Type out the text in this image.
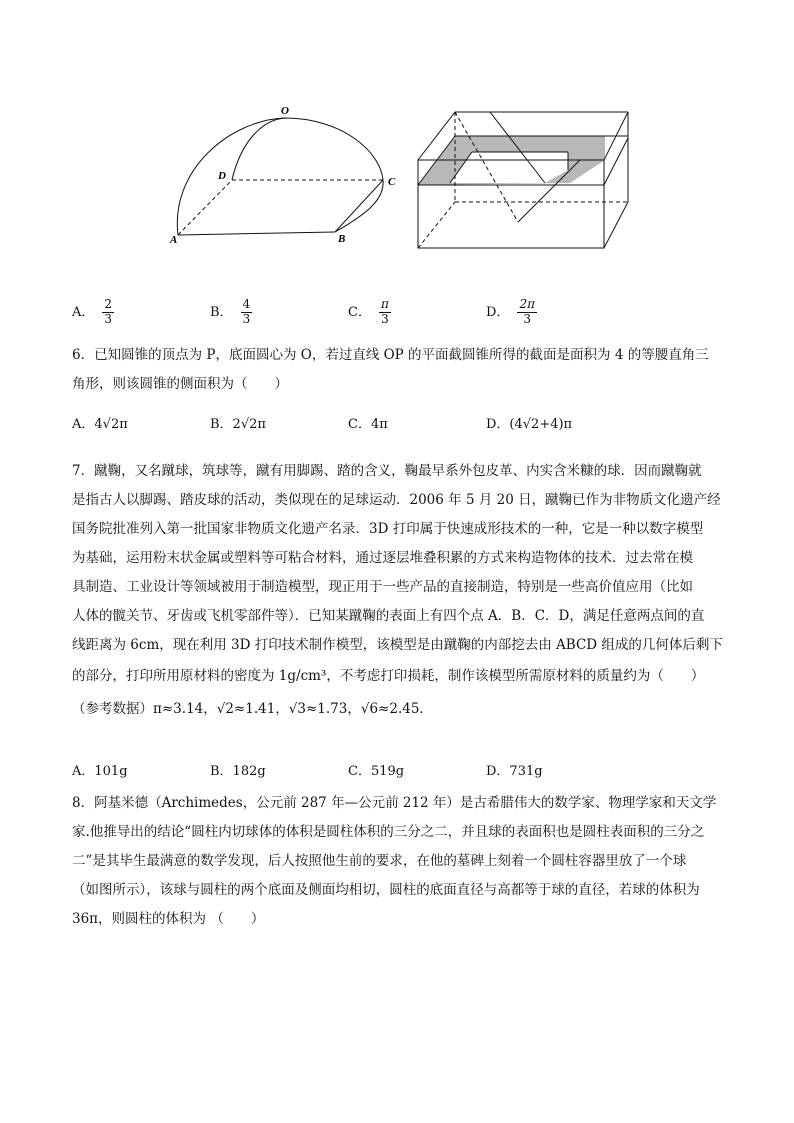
O
D	C
A	B
A． $\frac{2}{3}$	B． $\frac{4}{3}$	C． $\frac{\pi}{3}$	D． $\frac{2\pi}{3}$

6．已知圆锥的顶点为 P，底面圆心为 O，若过直线 OP 的平面截圆锥所得的截面是面积为 4 的等腰直角三

角形，则该圆锥的侧面积为（　　）

A．4√2π	B．2√2π	C．4π	D．(4√2+4)π

7．蹴鞠，又名蹴球，筑球等，蹴有用脚踢、踏的含义，鞠最早系外包皮革、内实含米糠的球．因而蹴鞠就

是指古人以脚踢、踏皮球的活动，类似现在的足球运动．2006 年 5 月 20 日，蹴鞠已作为非物质文化遗产经

国务院批准列入第一批国家非物质文化遗产名录．3D 打印属于快速成形技术的一种，它是一种以数字模型

为基础，运用粉末状金属或塑料等可粘合材料，通过逐层堆叠积累的方式来构造物体的技术．过去常在模

具制造、工业设计等领域被用于制造模型，现正用于一些产品的直接制造，特别是一些高价值应用（比如

人体的髋关节、牙齿或飞机零部件等）．已知某蹴鞠的表面上有四个点 A．B．C．D，满足任意两点间的直

线距离为 6cm，现在利用 3D 打印技术制作模型，该模型是由蹴鞠的内部挖去由 ABCD 组成的几何体后剩下

的部分，打印所用原材料的密度为 1g/cm³，不考虑打印损耗，制作该模型所需原材料的质量约为（　　）

（参考数据）π≈3.14，√2≈1.41，√3≈1.73，√6≈2.45．

A．101g	B．182g	C．519g	D．731g

8．阿基米德（Archimedes，公元前 287 年—公元前 212 年）是古希腊伟大的数学家、物理学家和天文学

家.他推导出的结论“圆柱内切球体的体积是圆柱体积的三分之二，并且球的表面积也是圆柱表面积的三分之

二”是其毕生最满意的数学发现，后人按照他生前的要求，在他的墓碑上刻着一个圆柱容器里放了一个球

（如图所示），该球与圆柱的两个底面及侧面均相切，圆柱的底面直径与高都等于球的直径，若球的体积为

36π，则圆柱的体积为 （　　）
